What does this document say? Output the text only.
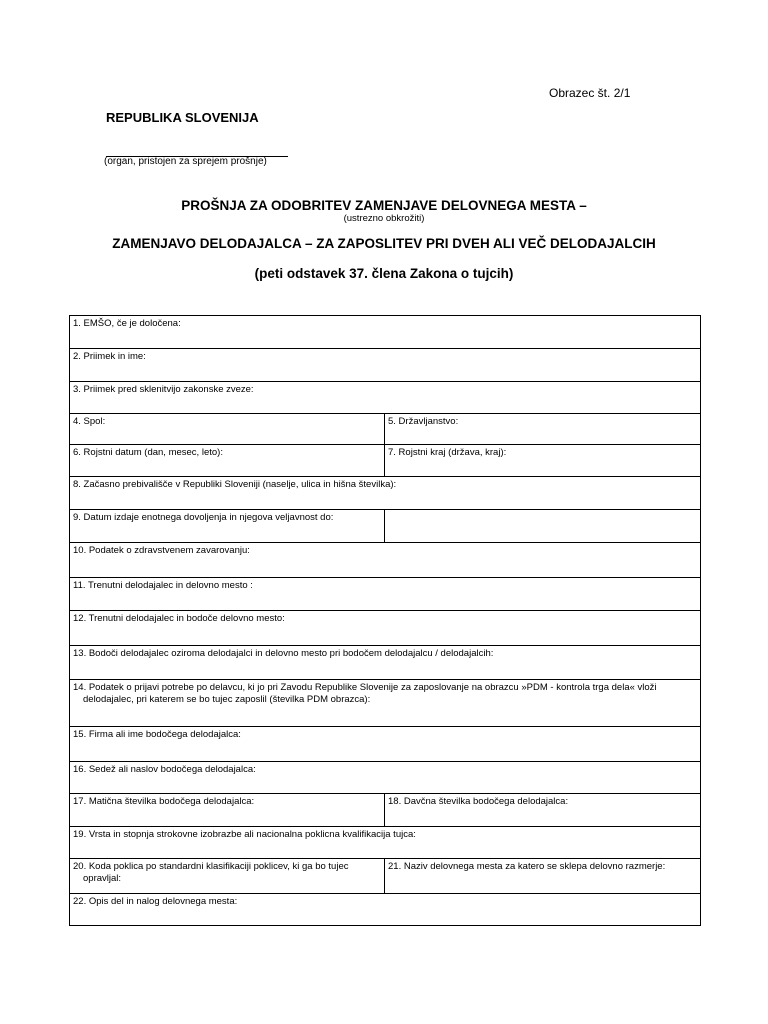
Obrazec št. 2/1
REPUBLIKA SLOVENIJA
(organ, pristojen za sprejem prošnje)
PROŠNJA ZA ODOBRITEV ZAMENJAVE DELOVNEGA MESTA –
(ustrezno obkrožiti)
ZAMENJAVO DELODAJALCA – ZA ZAPOSLITEV PRI DVEH ALI VEČ DELODAJALCIH
(peti odstavek 37. člena Zakona o tujcih)
1. EMŠO, če je določena:	
2. Priimek in ime:	
3. Priimek pred sklenitvijo zakonske zveze:	
4. Spol:	5. Državljanstvo:
6. Rojstni datum (dan, mesec, leto):	7. Rojstni kraj (država, kraj):
8. Začasno prebivališče v Republiki Sloveniji (naselje, ulica in hišna številka):	
9. Datum izdaje enotnega dovoljenja in njegova veljavnost do:	
10. Podatek o zdravstvenem zavarovanju:	
11. Trenutni delodajalec in delovno mesto :	
12. Trenutni delodajalec in bodoče delovno mesto:	
13. Bodoči delodajalec oziroma delodajalci in delovno mesto pri bodočem delodajalcu / delodajalcih:	

14. Podatek o prijavi potrebe po delavcu, ki jo pri Zavodu Republike Slovenije za zaposlovanje na obrazcu »PDM - kontrola trga dela« vloži delodajalec, pri katerem se bo tujec zaposlil (številka PDM obrazca):	

15. Firma ali ime bodočega delodajalca:	
16. Sedež ali naslov bodočega delodajalca:	
17. Matična številka bodočega delodajalca:	18. Davčna številka bodočega delodajalca:
19. Vrsta in stopnja strokovne izobrazbe ali nacionalna poklicna kvalifikacija tujca:	

20. Koda poklica po standardni klasifikaciji poklicev, ki ga bo tujec opravljal:	21. Naziv delovnega mesta za katero se sklepa delovno razmerje:
22. Opis del in nalog delovnega mesta:	
